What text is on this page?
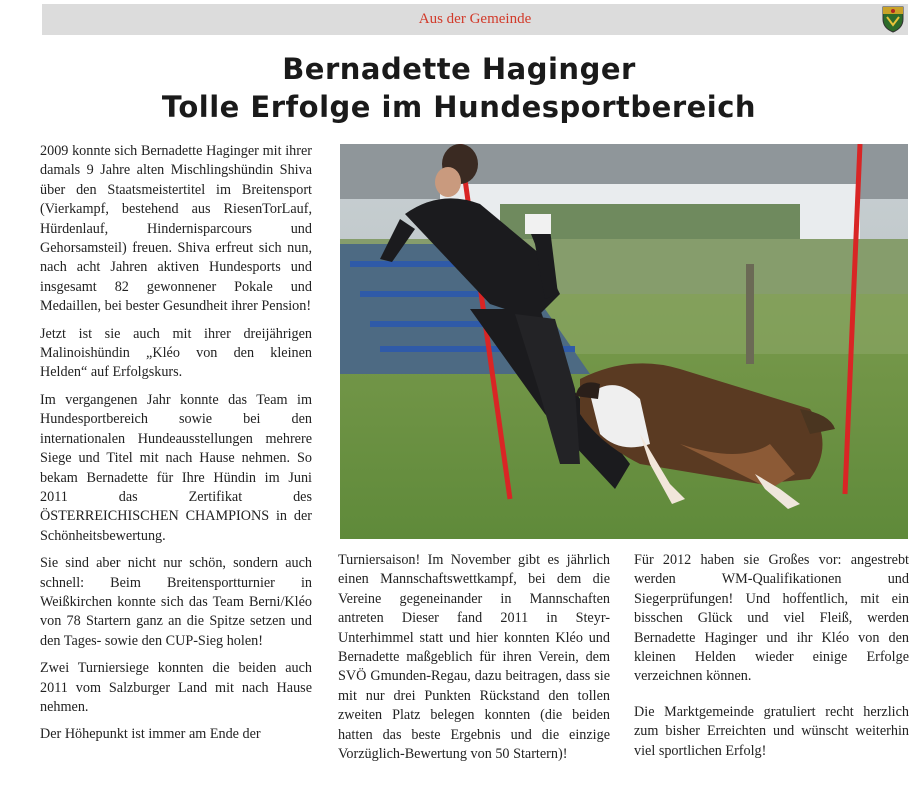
Aus der Gemeinde
Bernadette Haginger
Tolle Erfolge im Hundesportbereich

2009 konnte sich Bernadette Haginger mit ihrer damals 9 Jahre alten Mischlingshündin Shiva über den Staatsmeistertitel im Breitensport (Vierkampf, bestehend aus RiesenTorLauf, Hürdenlauf, Hindernisparcours und Gehorsamsteil) freuen. Shiva erfreut sich nun, nach acht Jahren aktiven Hundesports und insgesamt 82 gewonnener Pokale und Medaillen, bei bester Gesundheit ihrer Pension!

Jetzt ist sie auch mit ihrer dreijährigen Malinoishündin „Kléo von den kleinen Helden“ auf Erfolgskurs.

Im vergangenen Jahr konnte das Team im Hundesportbereich sowie bei den internationalen Hundeausstellungen mehrere Siege und Titel mit nach Hause nehmen. So bekam Bernadette für Ihre Hündin im Juni 2011 das Zertifikat des ÖSTERREICHISCHEN CHAMPIONS in der Schönheitsbewertung.

Sie sind aber nicht nur schön, sondern auch schnell: Beim Breitensportturnier in Weißkirchen konnte sich das Team Berni/Kléo von 78 Startern ganz an die Spitze setzen und den Tages- sowie den CUP-Sieg holen!

Zwei Turniersiege konnten die beiden auch 2011 vom Salzburger Land mit nach Hause nehmen.

Der Höhepunkt ist immer am Ende der

Turniersaison! Im November gibt es jährlich einen Mannschaftswettkampf, bei dem die Vereine gegeneinander in Mannschaften antreten Dieser fand 2011 in Steyr-Unterhimmel statt und hier konnten Kléo und Bernadette maßgeblich für ihren Verein, dem SVÖ Gmunden-Regau, dazu beitragen, dass sie mit nur drei Punkten Rückstand den tollen zweiten Platz belegen konnten (die beiden hatten das beste Ergebnis und die einzige Vorzüglich-Bewertung von 50 Startern)!

Für 2012 haben sie Großes vor: angestrebt werden WM-Qualifikationen und Siegerprüfungen! Und hoffentlich, mit ein bisschen Glück und viel Fleiß, werden Bernadette Haginger und ihr Kléo von den kleinen Helden wieder einige Erfolge verzeichnen können.

Die Marktgemeinde gratuliert recht herzlich zum bisher Erreichten und wünscht weiterhin viel sportlichen Erfolg!
